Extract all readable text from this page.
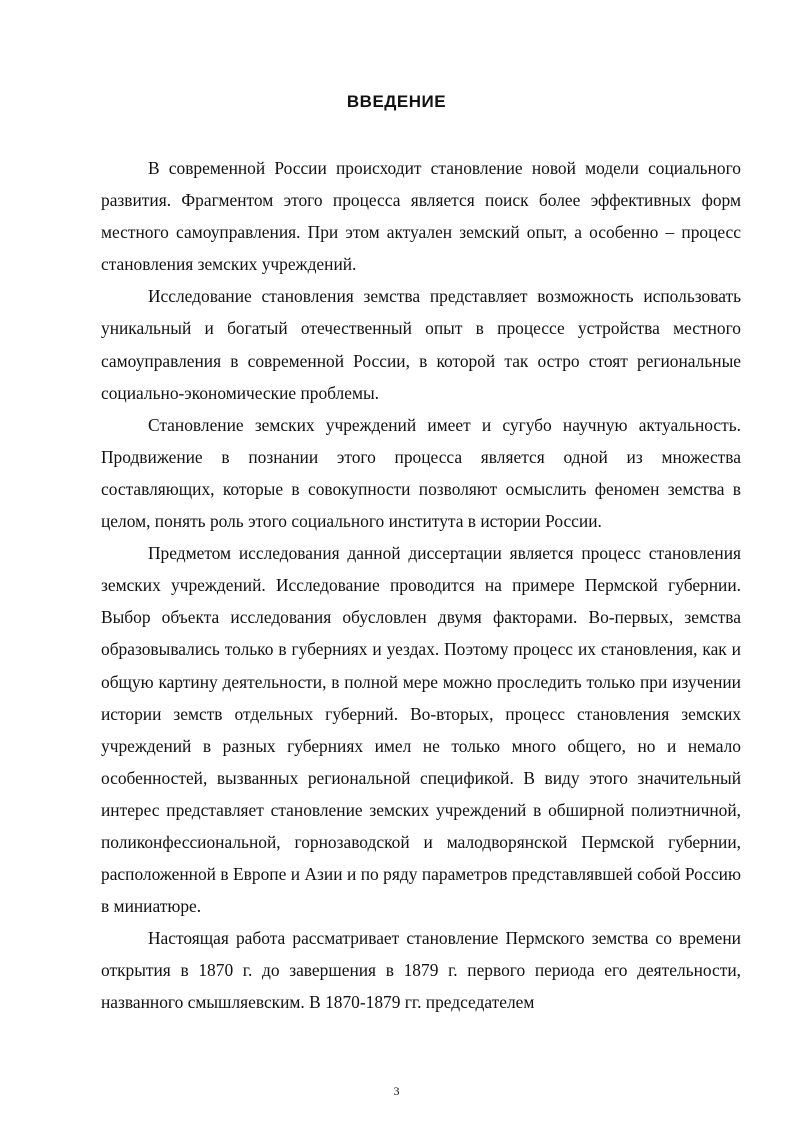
ВВЕДЕНИЕ

В современной России происходит становление новой модели социального развития. Фрагментом этого процесса является поиск более эффективных форм местного самоуправления. При этом актуален земский опыт, а особенно – процесс становления земских учреждений.

Исследование становления земства представляет возможность использовать уникальный и богатый отечественный опыт в процессе устройства местного самоуправления в современной России, в которой так остро стоят региональные социально-экономические проблемы.

Становление земских учреждений имеет и сугубо научную актуальность. Продвижение в познании этого процесса является одной из множества составляющих, которые в совокупности позволяют осмыслить феномен земства в целом, понять роль этого социального института в истории России.

Предметом исследования данной диссертации является процесс становления земских учреждений. Исследование проводится на примере Пермской губернии. Выбор объекта исследования обусловлен двумя факторами. Во-первых, земства образовывались только в губерниях и уездах. Поэтому процесс их становления, как и общую картину деятельности, в полной мере можно проследить только при изучении истории земств отдельных губерний. Во-вторых, процесс становления земских учреждений в разных губерниях имел не только много общего, но и немало особенностей, вызванных региональной спецификой. В виду этого значительный интерес представляет становление земских учреждений в обширной полиэтничной, поликонфессиональной, горнозаводской и малодворянской Пермской губернии, расположенной в Европе и Азии и по ряду параметров представлявшей собой Россию в миниатюре.

Настоящая работа рассматривает становление Пермского земства со времени открытия в 1870 г. до завершения в 1879 г. первого периода его деятельности, названного смышляевским. В 1870-1879 гг. председателем

3
